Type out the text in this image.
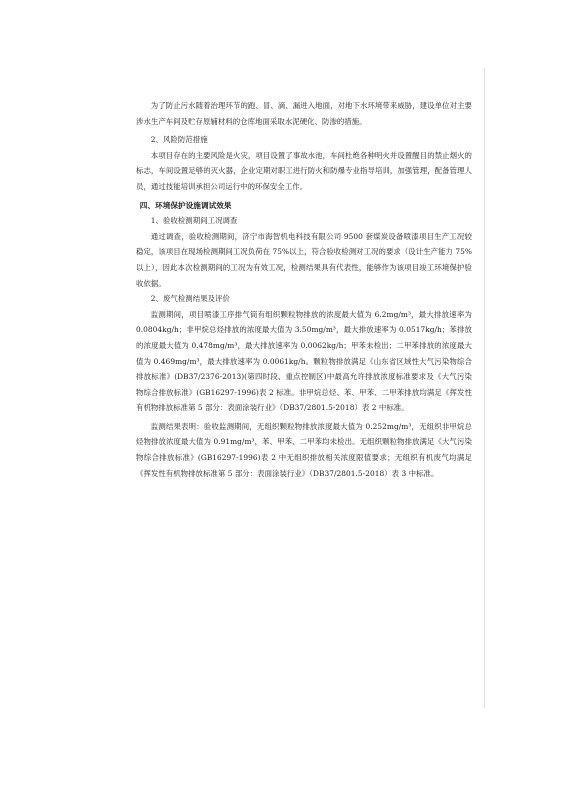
为了防止污水随着治理环节的跑、冒、滴、漏进入地面，对地下水环境带来威胁，建设单位对主要涉水生产车间及贮存原辅材料的仓库地面采取水泥硬化、防渗的措施。

2、风险防范措施

本项目存在的主要风险是火灾，项目设置了事故水池，车间杜绝各种明火并设置醒目的禁止烟火的标志，车间设置足够的灭火器，企业定期对职工进行防火和防爆专业指导培训，加强管理，配备管理人员，通过技能培训承担公司运行中的环保安全工作。

四、环境保护设施调试效果
1、验收检测期间工况调查

通过调查，验收检测期间，济宁市海智机电科技有限公司 9500 套煤炭设备喷漆项目生产工况较稳定，该项目在现场检测期间工况负荷在 75%以上，符合验收检测对工况的要求（设计生产能力 75%以上），因此本次检测期间的工况为有效工况，检测结果具有代表性，能够作为该项目竣工环境保护验收依据。

2、废气检测结果及评价

监测期间，项目喷漆工序排气筒有组织颗粒物排放的浓度最大值为 6.2mg/m³，最大排放速率为 0.0804kg/h；非甲烷总烃排放的浓度最大值为 3.50mg/m³，最大排放速率为 0.0517kg/h；苯排放的浓度最大值为 0.478mg/m³，最大排放速率为 0.0062kg/h；甲苯未检出；二甲苯排放的浓度最大值为 0.469mg/m³，最大排放速率为 0.0061kg/h。颗粒物排放满足《山东省区域性大气污染物综合排放标准》(DB37/2376-2013)(第四时段、重点控制区)中最高允许排放浓度标准要求及《大气污染物综合排放标准》(GB16297-1996)表 2 标准。非甲烷总烃、苯、甲苯、二甲苯排放均满足《挥发性有机物排放标准第 5 部分：表面涂装行业》（DB37/2801.5-2018）表 2 中标准。

监测结果表明：验收监测期间，无组织颗粒物排放浓度最大值为 0.252mg/m³，无组织非甲烷总烃物排放浓度最大值为 0.91mg/m³，苯、甲苯、二甲苯均未检出。无组织颗粒物排放满足《大气污染物综合排放标准》(GB16297-1996)表 2 中无组织排放相关浓度限值要求；无组织有机废气均满足《挥发性有机物排放标准第 5 部分：表面涂装行业》（DB37/2801.5-2018）表 3 中标准。
